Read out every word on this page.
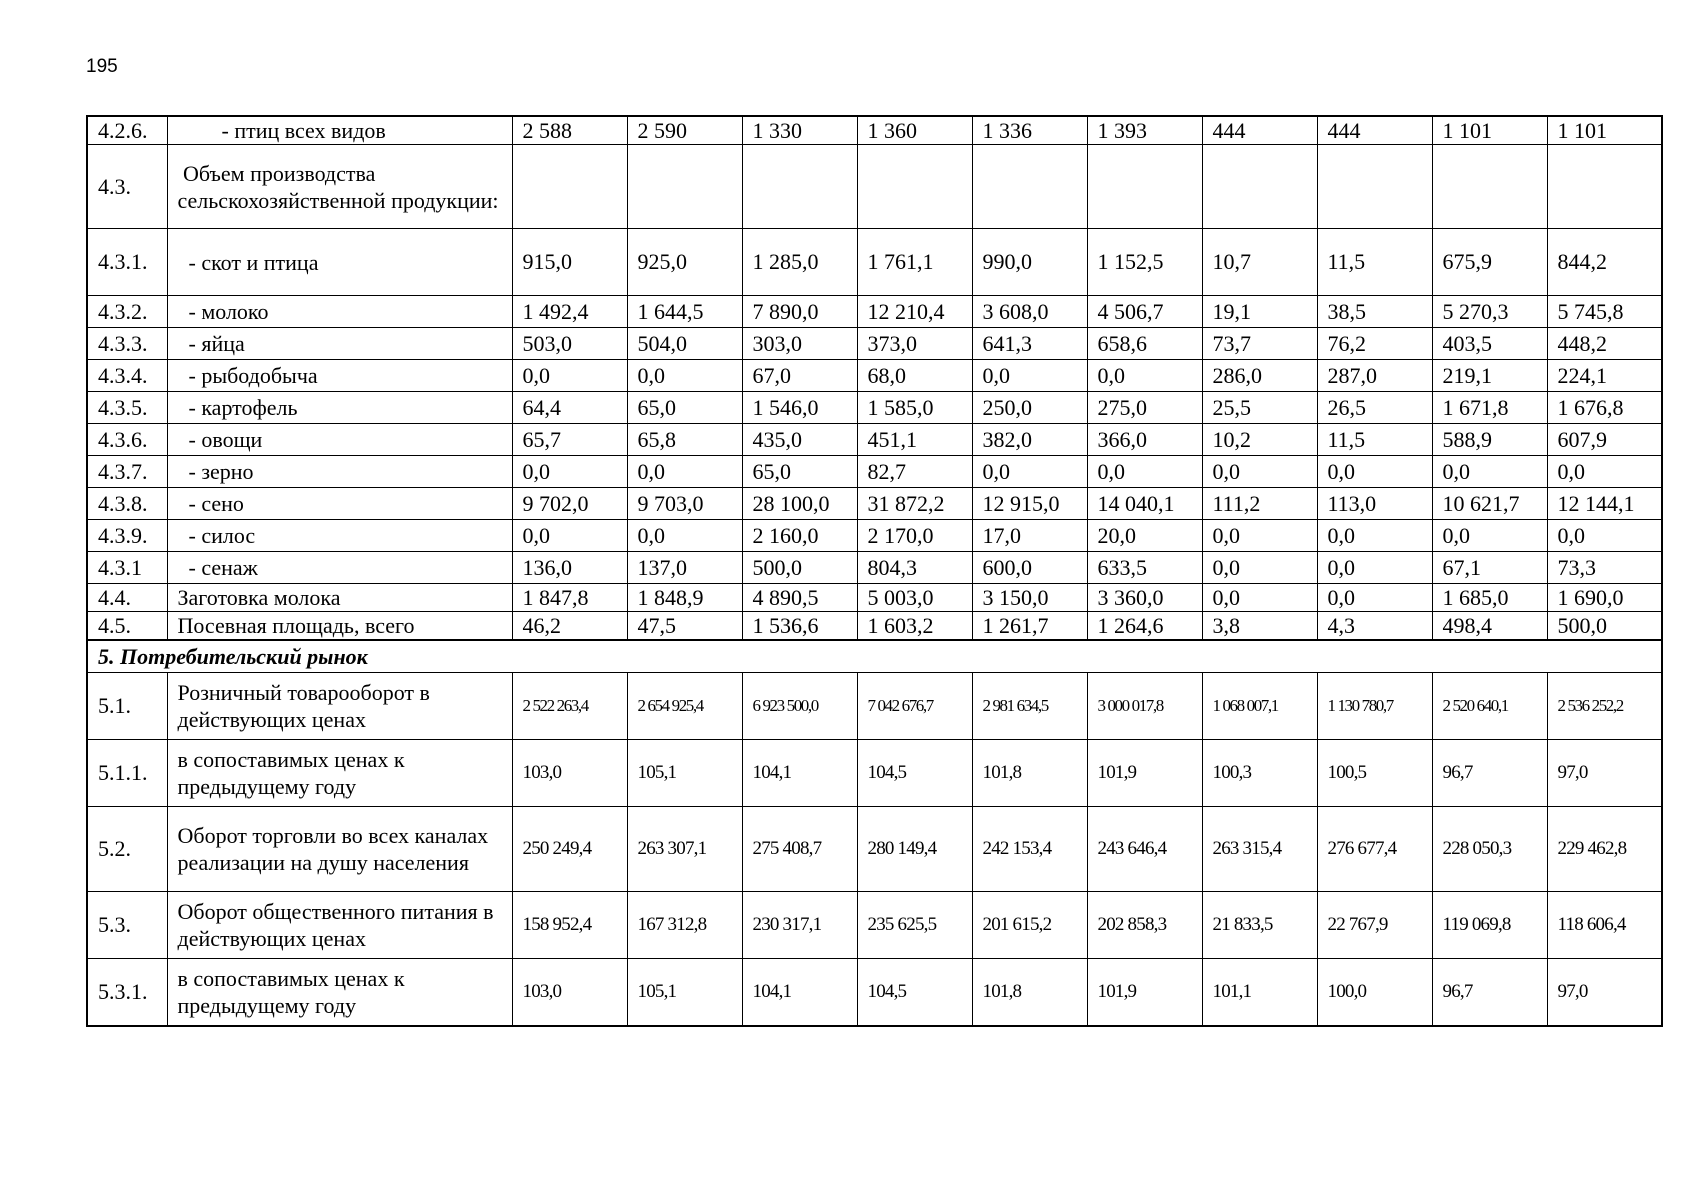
195
4.2.6.	- птиц всех видов	2 588	2 590	1 330	1 360	1 336	1 393	444	444	1 101	1 101
4.3.	Объем производства сельскохозяйственной продукции:										
4.3.1.	- скот и птица	915,0	925,0	1 285,0	1 761,1	990,0	1 152,5	10,7	11,5	675,9	844,2
4.3.2.	- молоко	1 492,4	1 644,5	7 890,0	12 210,4	3 608,0	4 506,7	19,1	38,5	5 270,3	5 745,8
4.3.3.	- яйца	503,0	504,0	303,0	373,0	641,3	658,6	73,7	76,2	403,5	448,2
4.3.4.	- рыбодобыча	0,0	0,0	67,0	68,0	0,0	0,0	286,0	287,0	219,1	224,1
4.3.5.	- картофель	64,4	65,0	1 546,0	1 585,0	250,0	275,0	25,5	26,5	1 671,8	1 676,8
4.3.6.	- овощи	65,7	65,8	435,0	451,1	382,0	366,0	10,2	11,5	588,9	607,9
4.3.7.	- зерно	0,0	0,0	65,0	82,7	0,0	0,0	0,0	0,0	0,0	0,0
4.3.8.	- сено	9 702,0	9 703,0	28 100,0	31 872,2	12 915,0	14 040,1	111,2	113,0	10 621,7	12 144,1
4.3.9.	- силос	0,0	0,0	2 160,0	2 170,0	17,0	20,0	0,0	0,0	0,0	0,0
4.3.1	- сенаж	136,0	137,0	500,0	804,3	600,0	633,5	0,0	0,0	67,1	73,3
4.4.	Заготовка молока	1 847,8	1 848,9	4 890,5	5 003,0	3 150,0	3 360,0	0,0	0,0	1 685,0	1 690,0
4.5.	Посевная площадь, всего	46,2	47,5	1 536,6	1 603,2	1 261,7	1 264,6	3,8	4,3	498,4	500,0
5. Потребительский рынок											
5.1.	Розничный товарооборот в действующих ценах	2 522 263,4	2 654 925,4	6 923 500,0	7 042 676,7	2 981 634,5	3 000 017,8	1 068 007,1	1 130 780,7	2 520 640,1	2 536 252,2
5.1.1.	в сопоставимых ценах к предыдущему году	103,0	105,1	104,1	104,5	101,8	101,9	100,3	100,5	96,7	97,0
5.2.	Оборот торговли во всех каналах реализации на душу населения	250 249,4	263 307,1	275 408,7	280 149,4	242 153,4	243 646,4	263 315,4	276 677,4	228 050,3	229 462,8
5.3.	Оборот общественного питания в действующих ценах	158 952,4	167 312,8	230 317,1	235 625,5	201 615,2	202 858,3	21 833,5	22 767,9	119 069,8	118 606,4
5.3.1.	в сопоставимых ценах к предыдущему году	103,0	105,1	104,1	104,5	101,8	101,9	101,1	100,0	96,7	97,0
